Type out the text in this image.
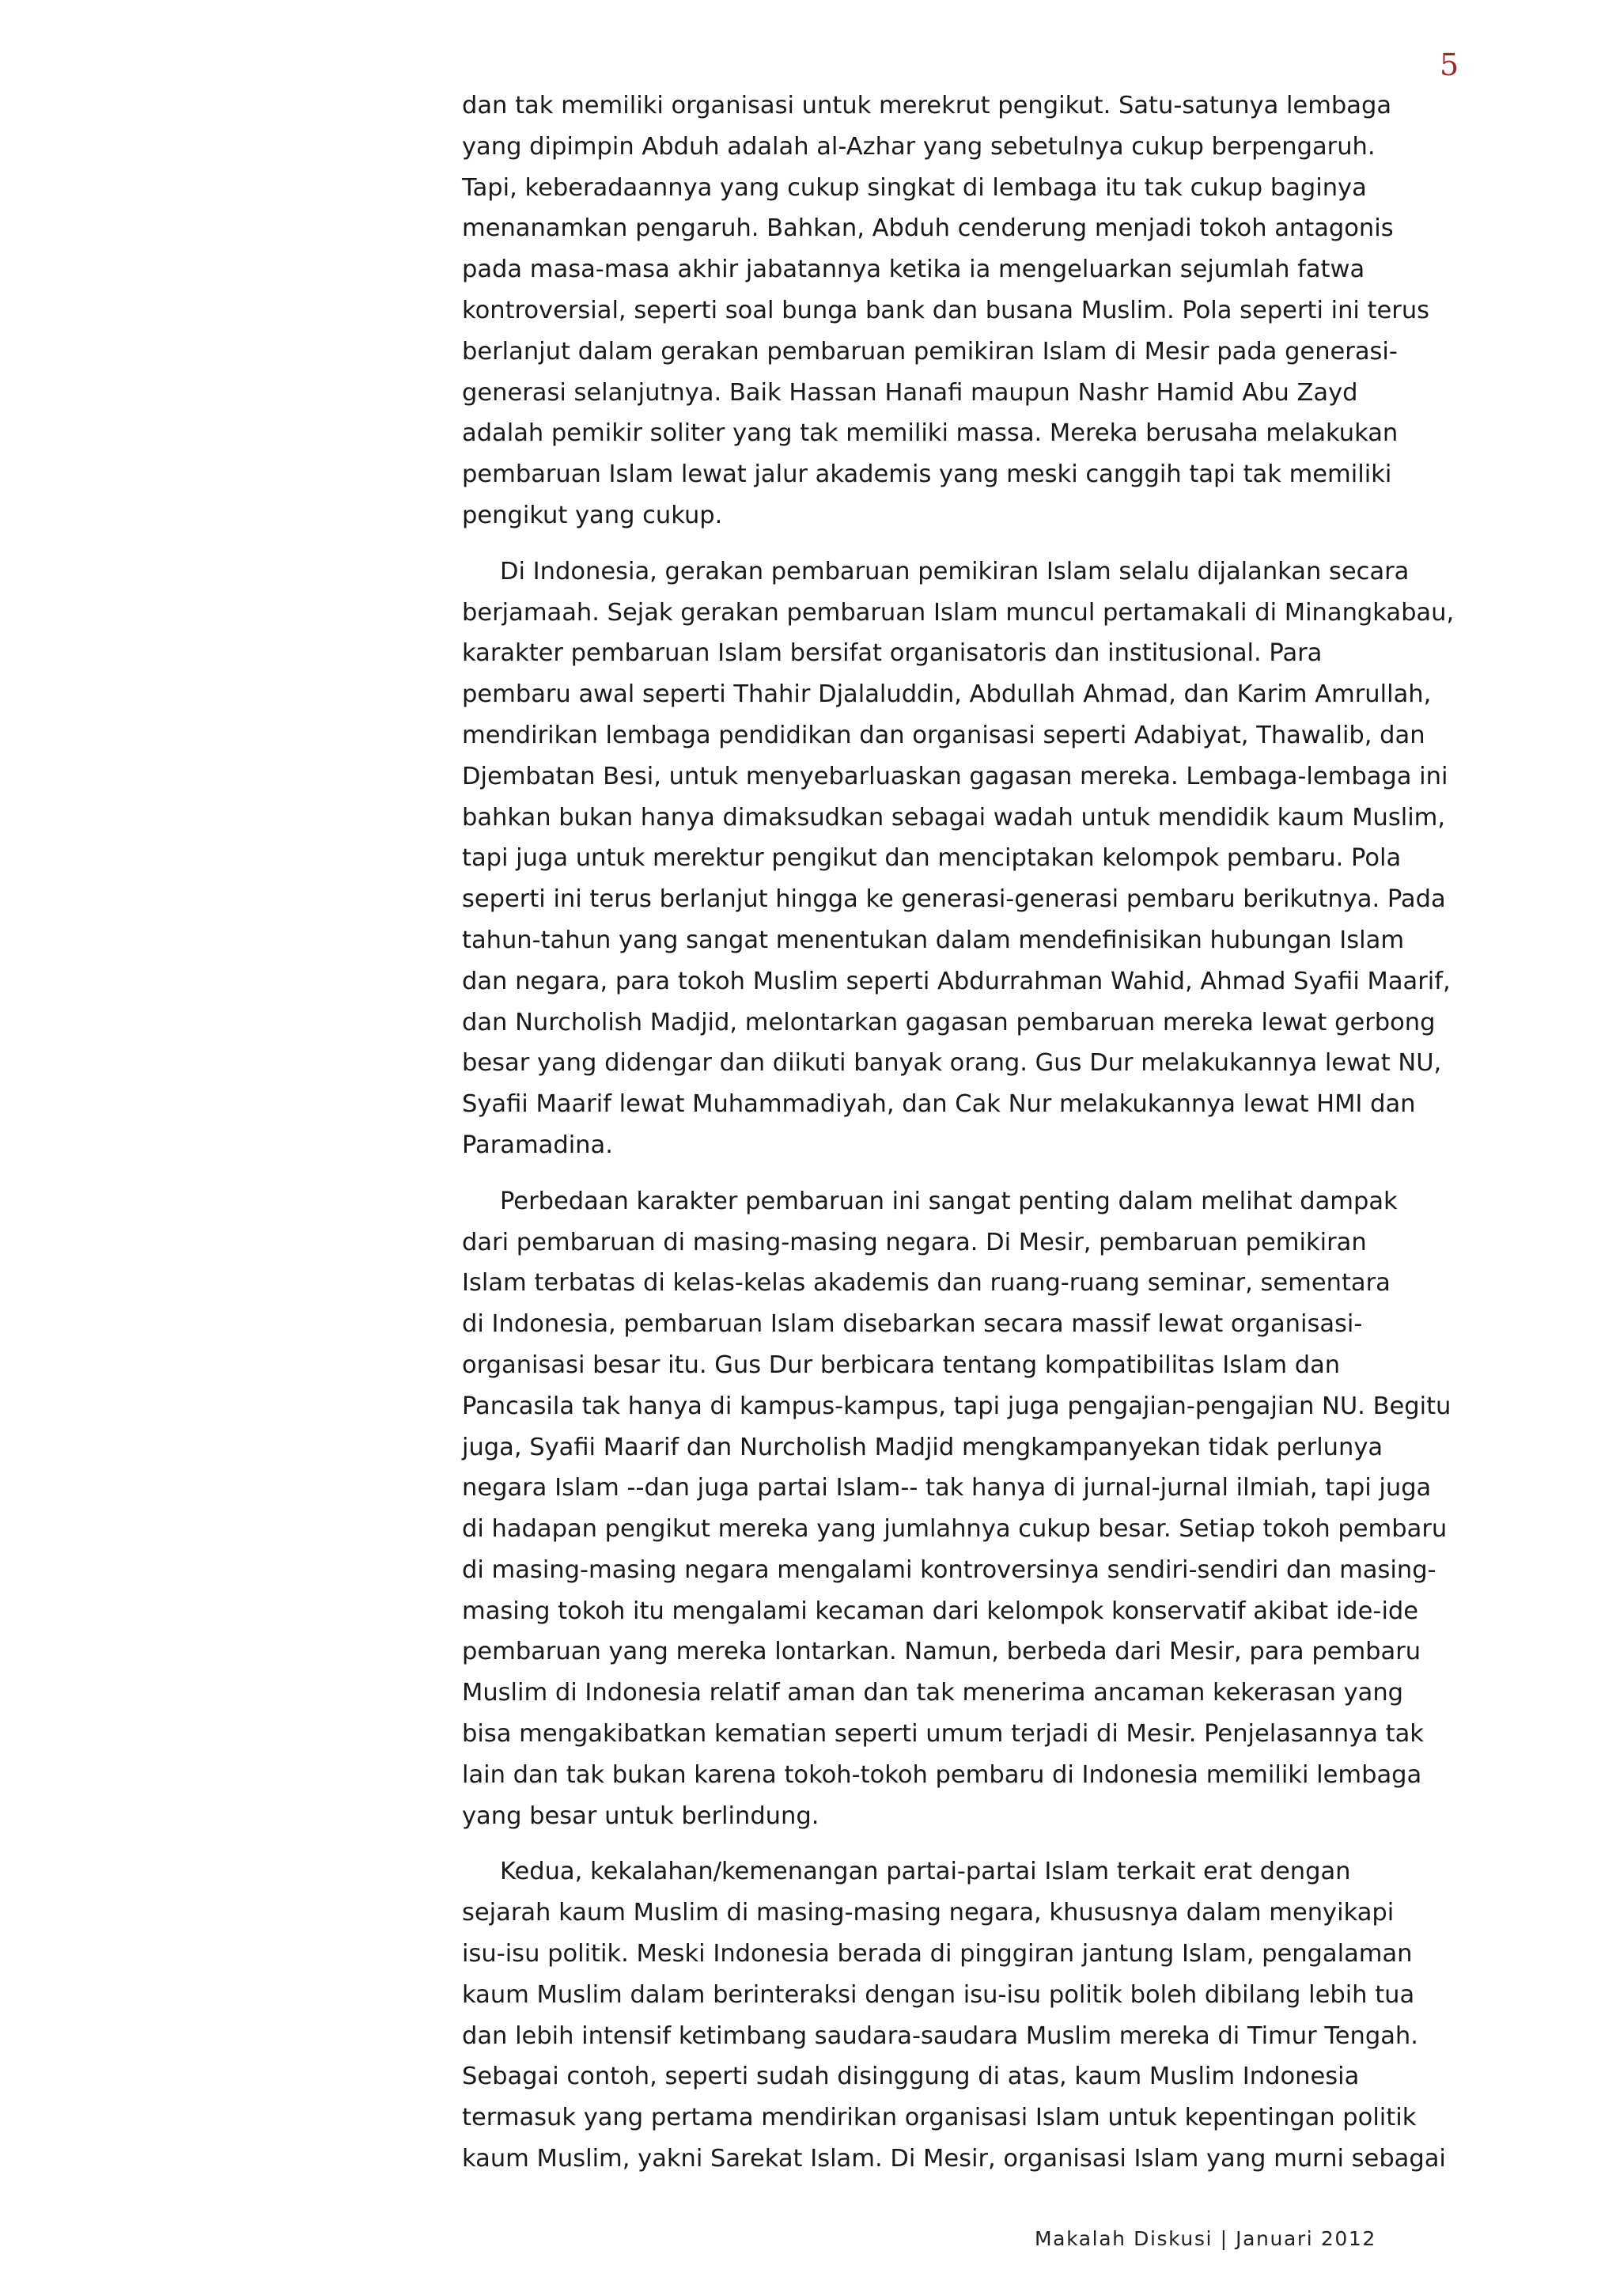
5

dan tak memiliki organisasi untuk merekrut pengikut. Satu-satunya lembaga
yang dipimpin Abduh adalah al-Azhar yang sebetulnya cukup berpengaruh.
Tapi, keberadaannya yang cukup singkat di lembaga itu tak cukup baginya
menanamkan pengaruh. Bahkan, Abduh cenderung menjadi tokoh antagonis
pada masa-masa akhir jabatannya ketika ia mengeluarkan sejumlah fatwa
kontroversial, seperti soal bunga bank dan busana Muslim. Pola seperti ini terus
berlanjut dalam gerakan pembaruan pemikiran Islam di Mesir pada generasi-
generasi selanjutnya. Baik Hassan Hanafi maupun Nashr Hamid Abu Zayd
adalah pemikir soliter yang tak memiliki massa. Mereka berusaha melakukan
pembaruan Islam lewat jalur akademis yang meski canggih tapi tak memiliki
pengikut yang cukup.

Di Indonesia, gerakan pembaruan pemikiran Islam selalu dijalankan secara
berjamaah. Sejak gerakan pembaruan Islam muncul pertamakali di Minangkabau,
karakter pembaruan Islam bersifat organisatoris dan institusional. Para
pembaru awal seperti Thahir Djalaluddin, Abdullah Ahmad, dan Karim Amrullah,
mendirikan lembaga pendidikan dan organisasi seperti Adabiyat, Thawalib, dan
Djembatan Besi, untuk menyebarluaskan gagasan mereka. Lembaga-lembaga ini
bahkan bukan hanya dimaksudkan sebagai wadah untuk mendidik kaum Muslim,
tapi juga untuk merektur pengikut dan menciptakan kelompok pembaru. Pola
seperti ini terus berlanjut hingga ke generasi-generasi pembaru berikutnya. Pada
tahun-tahun yang sangat menentukan dalam mendefinisikan hubungan Islam
dan negara, para tokoh Muslim seperti Abdurrahman Wahid, Ahmad Syafii Maarif,
dan Nurcholish Madjid, melontarkan gagasan pembaruan mereka lewat gerbong
besar yang didengar dan diikuti banyak orang. Gus Dur melakukannya lewat NU,
Syafii Maarif lewat Muhammadiyah, dan Cak Nur melakukannya lewat HMI dan
Paramadina.

Perbedaan karakter pembaruan ini sangat penting dalam melihat dampak
dari pembaruan di masing-masing negara. Di Mesir, pembaruan pemikiran
Islam terbatas di kelas-kelas akademis dan ruang-ruang seminar, sementara
di Indonesia, pembaruan Islam disebarkan secara massif lewat organisasi-
organisasi besar itu. Gus Dur berbicara tentang kompatibilitas Islam dan
Pancasila tak hanya di kampus-kampus, tapi juga pengajian-pengajian NU. Begitu
juga, Syafii Maarif dan Nurcholish Madjid mengkampanyekan tidak perlunya
negara Islam --dan juga partai Islam-- tak hanya di jurnal-jurnal ilmiah, tapi juga
di hadapan pengikut mereka yang jumlahnya cukup besar. Setiap tokoh pembaru
di masing-masing negara mengalami kontroversinya sendiri-sendiri dan masing-
masing tokoh itu mengalami kecaman dari kelompok konservatif akibat ide-ide
pembaruan yang mereka lontarkan. Namun, berbeda dari Mesir, para pembaru
Muslim di Indonesia relatif aman dan tak menerima ancaman kekerasan yang
bisa mengakibatkan kematian seperti umum terjadi di Mesir. Penjelasannya tak
lain dan tak bukan karena tokoh-tokoh pembaru di Indonesia memiliki lembaga
yang besar untuk berlindung.

Kedua, kekalahan/kemenangan partai-partai Islam terkait erat dengan
sejarah kaum Muslim di masing-masing negara, khususnya dalam menyikapi
isu-isu politik. Meski Indonesia berada di pinggiran jantung Islam, pengalaman
kaum Muslim dalam berinteraksi dengan isu-isu politik boleh dibilang lebih tua
dan lebih intensif ketimbang saudara-saudara Muslim mereka di Timur Tengah.
Sebagai contoh, seperti sudah disinggung di atas, kaum Muslim Indonesia
termasuk yang pertama mendirikan organisasi Islam untuk kepentingan politik
kaum Muslim, yakni Sarekat Islam. Di Mesir, organisasi Islam yang murni sebagai

Makalah Diskusi | Januari 2012
